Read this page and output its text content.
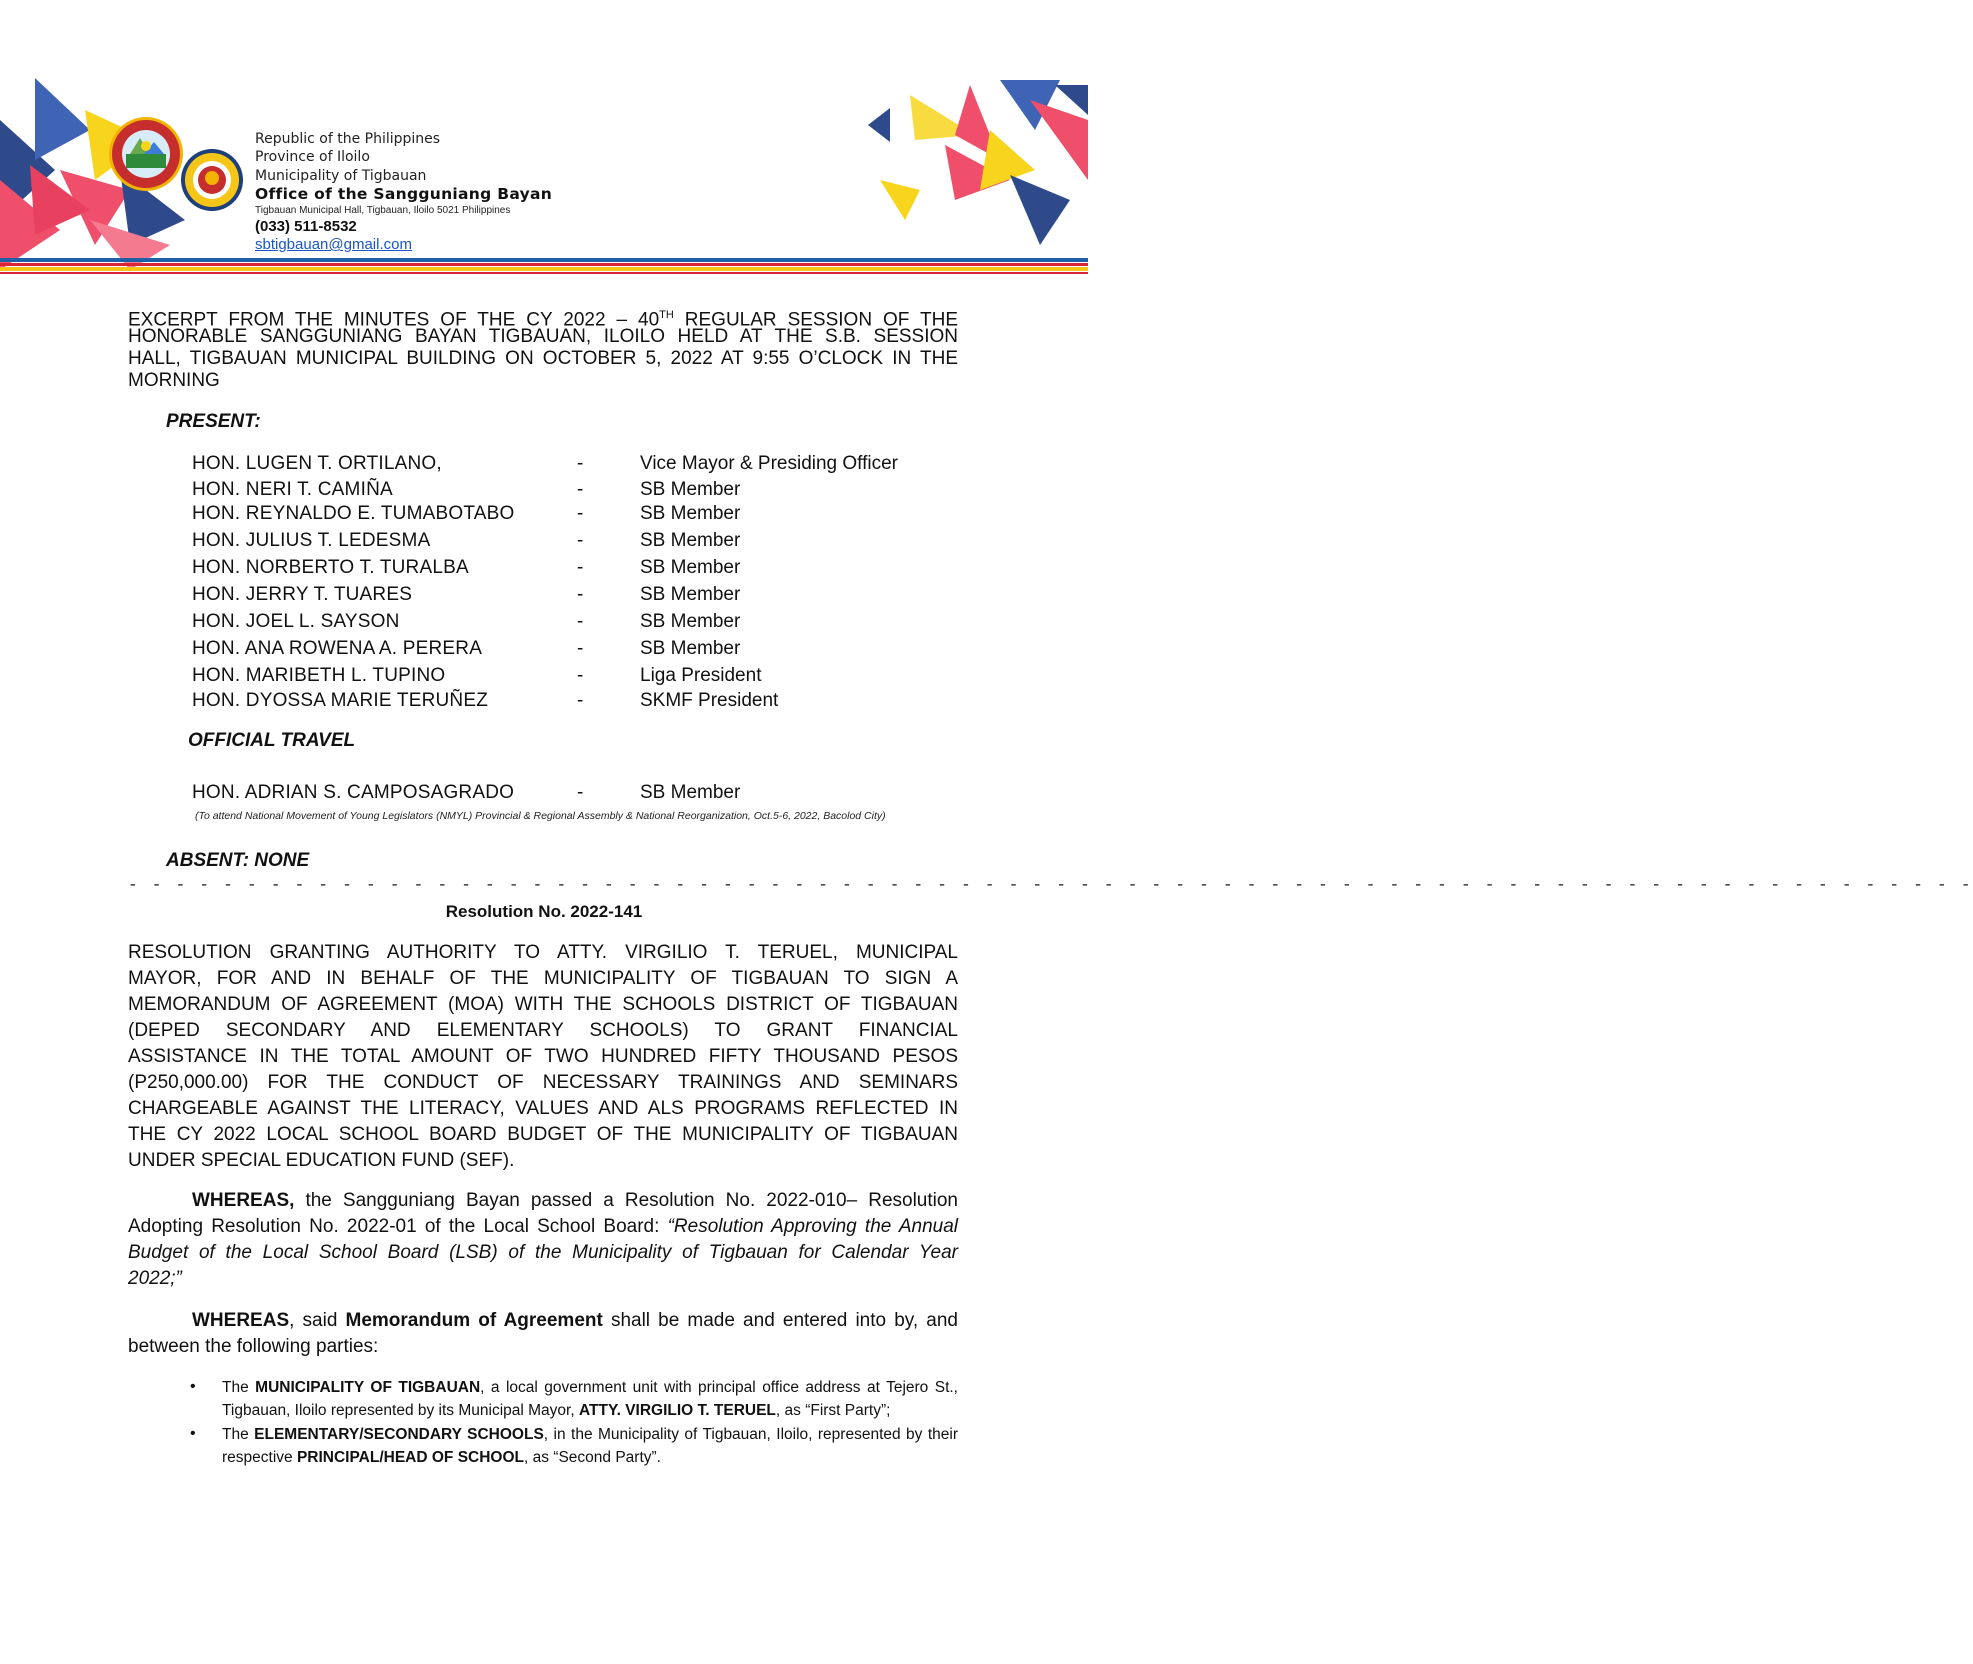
Republic of the Philippines
Province of Iloilo
Municipality of Tigbauan
Office of the Sangguniang Bayan
Tigbauan Municipal Hall, Tigbauan, Iloilo 5021 Philippines
(033) 511-8532
sbtigbauan@gmail.com
EXCERPT FROM THE MINUTES OF THE CY 2022 – 40TH REGULAR SESSION OF THE
HONORABLE SANGGUNIANG BAYAN TIGBAUAN, ILOILO HELD AT THE S.B. SESSION
HALL, TIGBAUAN MUNICIPAL BUILDING ON OCTOBER 5, 2022 AT 9:55 O’CLOCK IN THE
MORNING
PRESENT:
HON. LUGEN T. ORTILANO,	-	Vice Mayor & Presiding Officer
HON. NERI T. CAMIÑA	-	SB Member
HON. REYNALDO E. TUMABOTABO	-	SB Member
HON. JULIUS T. LEDESMA	-	SB Member
HON. NORBERTO T. TURALBA	-	SB Member
HON. JERRY T. TUARES	-	SB Member
HON. JOEL L. SAYSON	-	SB Member
HON. ANA ROWENA A. PERERA	-	SB Member
HON. MARIBETH L. TUPINO	-	Liga President
HON. DYOSSA MARIE TERUÑEZ	-	SKMF President
OFFICIAL TRAVEL
HON. ADRIAN S. CAMPOSAGRADO	-	SB Member
(To attend National Movement of Young Legislators (NMYL) Provincial & Regional Assembly & National Reorganization, Oct.5-6, 2022, Bacolod City)
ABSENT: NONE
- - - - - - - - - - - - - - - - - - - - - - - - - - - - - - - - - - - - - - - - - - - - - - - - - - - - - - - - - - - - - - - - - - - - - - - - - - - - - -
Resolution No. 2022-141
RESOLUTION GRANTING AUTHORITY TO ATTY. VIRGILIO T. TERUEL, MUNICIPAL
MAYOR, FOR AND IN BEHALF OF THE MUNICIPALITY OF TIGBAUAN TO SIGN A
MEMORANDUM OF AGREEMENT (MOA) WITH THE SCHOOLS DISTRICT OF TIGBAUAN
(DEPED SECONDARY AND ELEMENTARY SCHOOLS) TO GRANT FINANCIAL
ASSISTANCE IN THE TOTAL AMOUNT OF TWO HUNDRED FIFTY THOUSAND PESOS
(P250,000.00) FOR THE CONDUCT OF NECESSARY TRAININGS AND SEMINARS
CHARGEABLE AGAINST THE LITERACY, VALUES AND ALS PROGRAMS REFLECTED IN
THE CY 2022 LOCAL SCHOOL BOARD BUDGET OF THE MUNICIPALITY OF TIGBAUAN
UNDER SPECIAL EDUCATION FUND (SEF).
WHEREAS, the Sangguniang Bayan passed a Resolution No. 2022-010– Resolution
Adopting Resolution No. 2022-01 of the Local School Board: “Resolution Approving the Annual
Budget of the Local School Board (LSB) of the Municipality of Tigbauan for Calendar Year
2022;”
WHEREAS, said Memorandum of Agreement shall be made and entered into by, and
between the following parties:
• The MUNICIPALITY OF TIGBAUAN, a local government unit with principal office address at Tejero St.,
Tigbauan, Iloilo represented by its Municipal Mayor, ATTY. VIRGILIO T. TERUEL, as “First Party”;
• The ELEMENTARY/SECONDARY SCHOOLS, in the Municipality of Tigbauan, Iloilo, represented by their
respective PRINCIPAL/HEAD OF SCHOOL, as “Second Party”.
